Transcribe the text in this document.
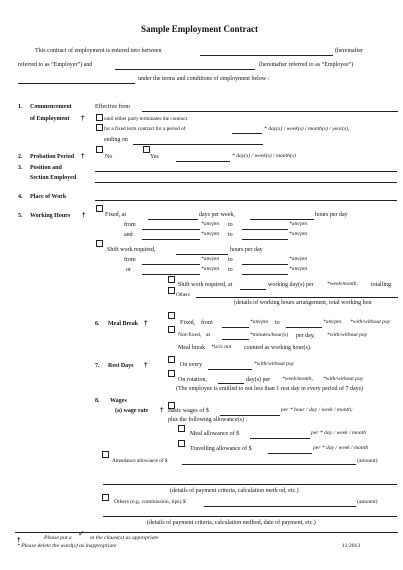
Sample Employment Contract
This contract of employment is entered into between	(hereinafter
referred to as “Employer”) and	(hereinafter referred to as “Employee”)
under the terms and conditions of employment below :
1. Commencement
of Employment †
Effective from
until either party terminates the contract.
for a fixed term contract for a period of	* day(s) / week(s) / month(s) / year(s),
ending on
2. Probation Period †	No	Yes	* day(s) / week(s) / month(s)
3. Position and
Section Employed
4. Place of Work
5. Working Hours †	Fixed, at	days per week,	hours per day
from	*am/pm to	*am/pm
and	*am/pm to	*am/pm
Shift work required,	hours per day
from	*am/pm to	*am/pm
or	*am/pm to	*am/pm
Shift work required, at	working day(s) per *week/month, totalling
Others
(details of working hours arrangement, total working hou
6. Meal Break †	Fixed, from	*am/pm to	*am/pm *with/without pay
Not-fixed, at	*minutes/hour(s) per day, *with/without pay
Meal break *is/is not counted as working hour(s).
7. Rest Days †	On every	*with/without pay
On rotation,	day(s) per *week/month, *with/without pay
(The employee is entitled to not less than 1 rest day in every period of 7 days)
8. Wages
(a) wage rate † Basic wages of $	per * hour / day / week / month;
plus the following allowance(s) :
Meal allowance of $	per * day / week / month
Travelling allowance of $	per * day / week / month
Attendance allowance of $	(amount)
(details of payment criteria, calculation meth od, etc.)
Others (e.g. commission, tips) $	(amount)
(details of payment criteria, calculation method, date of payment, etc.)
†	Please put a ✓ in the clause(s) as appropriate
* Please delete the word(s) as inappropriate	11/2013
